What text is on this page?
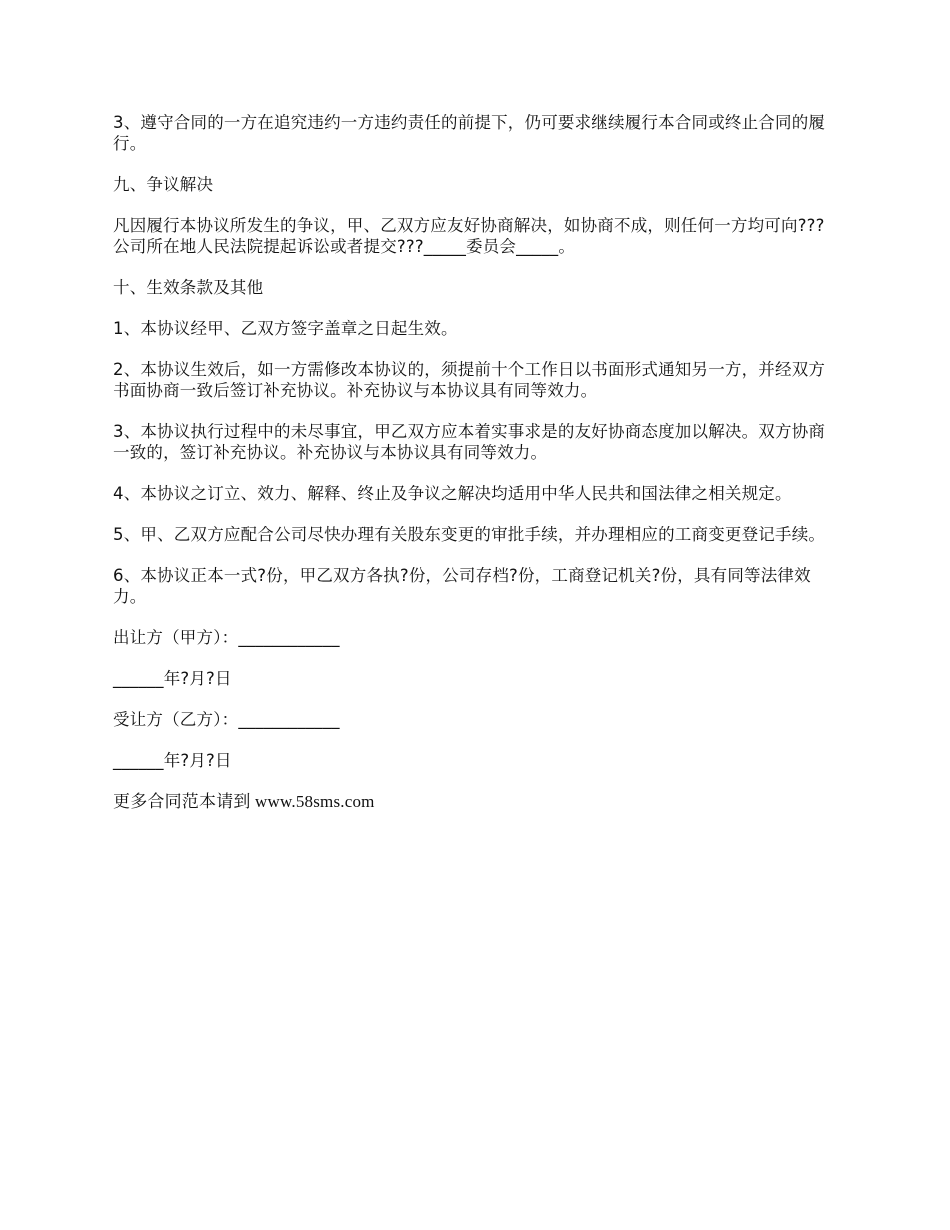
3、遵守合同的一方在追究违约一方违约责任的前提下，仍可要求继续履行本合同或终止合同的履行。

九、争议解决

凡因履行本协议所发生的争议，甲、乙双方应友好协商解决，如协商不成，则任何一方均可向???公司所在地人民法院提起诉讼或者提交???_____委员会_____。

十、生效条款及其他

1、本协议经甲、乙双方签字盖章之日起生效。

2、本协议生效后，如一方需修改本协议的，须提前十个工作日以书面形式通知另一方，并经双方书面协商一致后签订补充协议。补充协议与本协议具有同等效力。

3、本协议执行过程中的未尽事宜，甲乙双方应本着实事求是的友好协商态度加以解决。双方协商一致的，签订补充协议。补充协议与本协议具有同等效力。

4、本协议之订立、效力、解释、终止及争议之解决均适用中华人民共和国法律之相关规定。

5、甲、乙双方应配合公司尽快办理有关股东变更的审批手续，并办理相应的工商变更登记手续。

6、本协议正本一式?份，甲乙双方各执?份，公司存档?份，工商登记机关?份，具有同等法律效力。

出让方（甲方）：____________

______年?月?日

受让方（乙方）：____________

______年?月?日

更多合同范本请到 www.58sms.com
